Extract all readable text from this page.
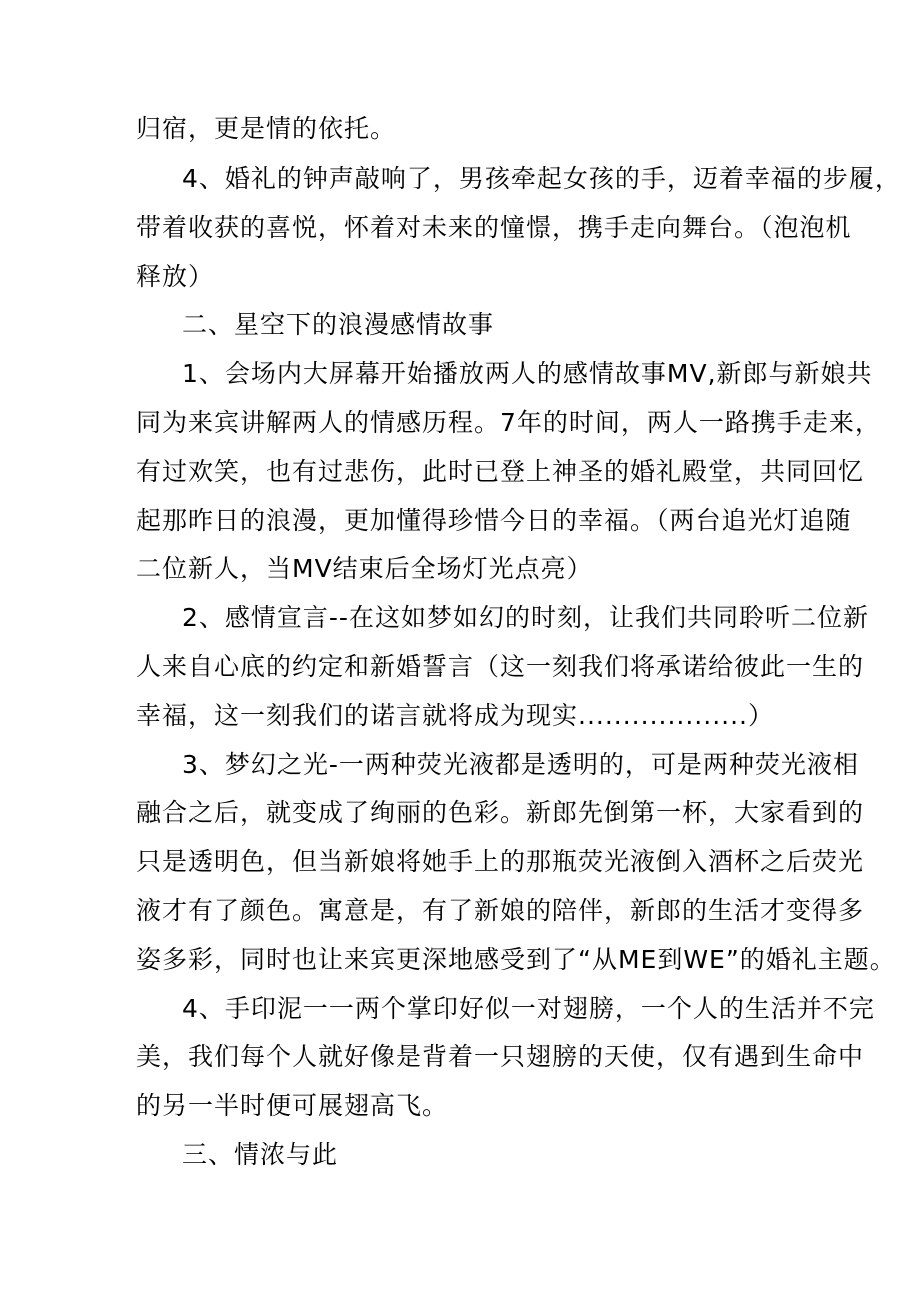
归宿，更是情的依托。
4、婚礼的钟声敲响了，男孩牵起女孩的手，迈着幸福的步履，
带着收获的喜悦，怀着对未来的憧憬，携手走向舞台。（泡泡机
释放）
二、星空下的浪漫感情故事
1、会场内大屏幕开始播放两人的感情故事MV,新郎与新娘共
同为来宾讲解两人的情感历程。7年的时间，两人一路携手走来，
有过欢笑，也有过悲伤，此时已登上神圣的婚礼殿堂，共同回忆
起那昨日的浪漫，更加懂得珍惜今日的幸福。（两台追光灯追随
二位新人，当MV结束后全场灯光点亮）
2、感情宣言--在这如梦如幻的时刻，让我们共同聆听二位新
人来自心底的约定和新婚誓言（这一刻我们将承诺给彼此一生的
幸福，这一刻我们的诺言就将成为现实...................）
3、梦幻之光-一两种荧光液都是透明的，可是两种荧光液相
融合之后，就变成了绚丽的色彩。新郎先倒第一杯，大家看到的
只是透明色，但当新娘将她手上的那瓶荧光液倒入酒杯之后荧光
液才有了颜色。寓意是，有了新娘的陪伴，新郎的生活才变得多
姿多彩，同时也让来宾更深地感受到了“从ME到WE”的婚礼主题。
4、手印泥一一两个掌印好似一对翅膀，一个人的生活并不完
美，我们每个人就好像是背着一只翅膀的天使，仅有遇到生命中
的另一半时便可展翅高飞。
三、情浓与此
